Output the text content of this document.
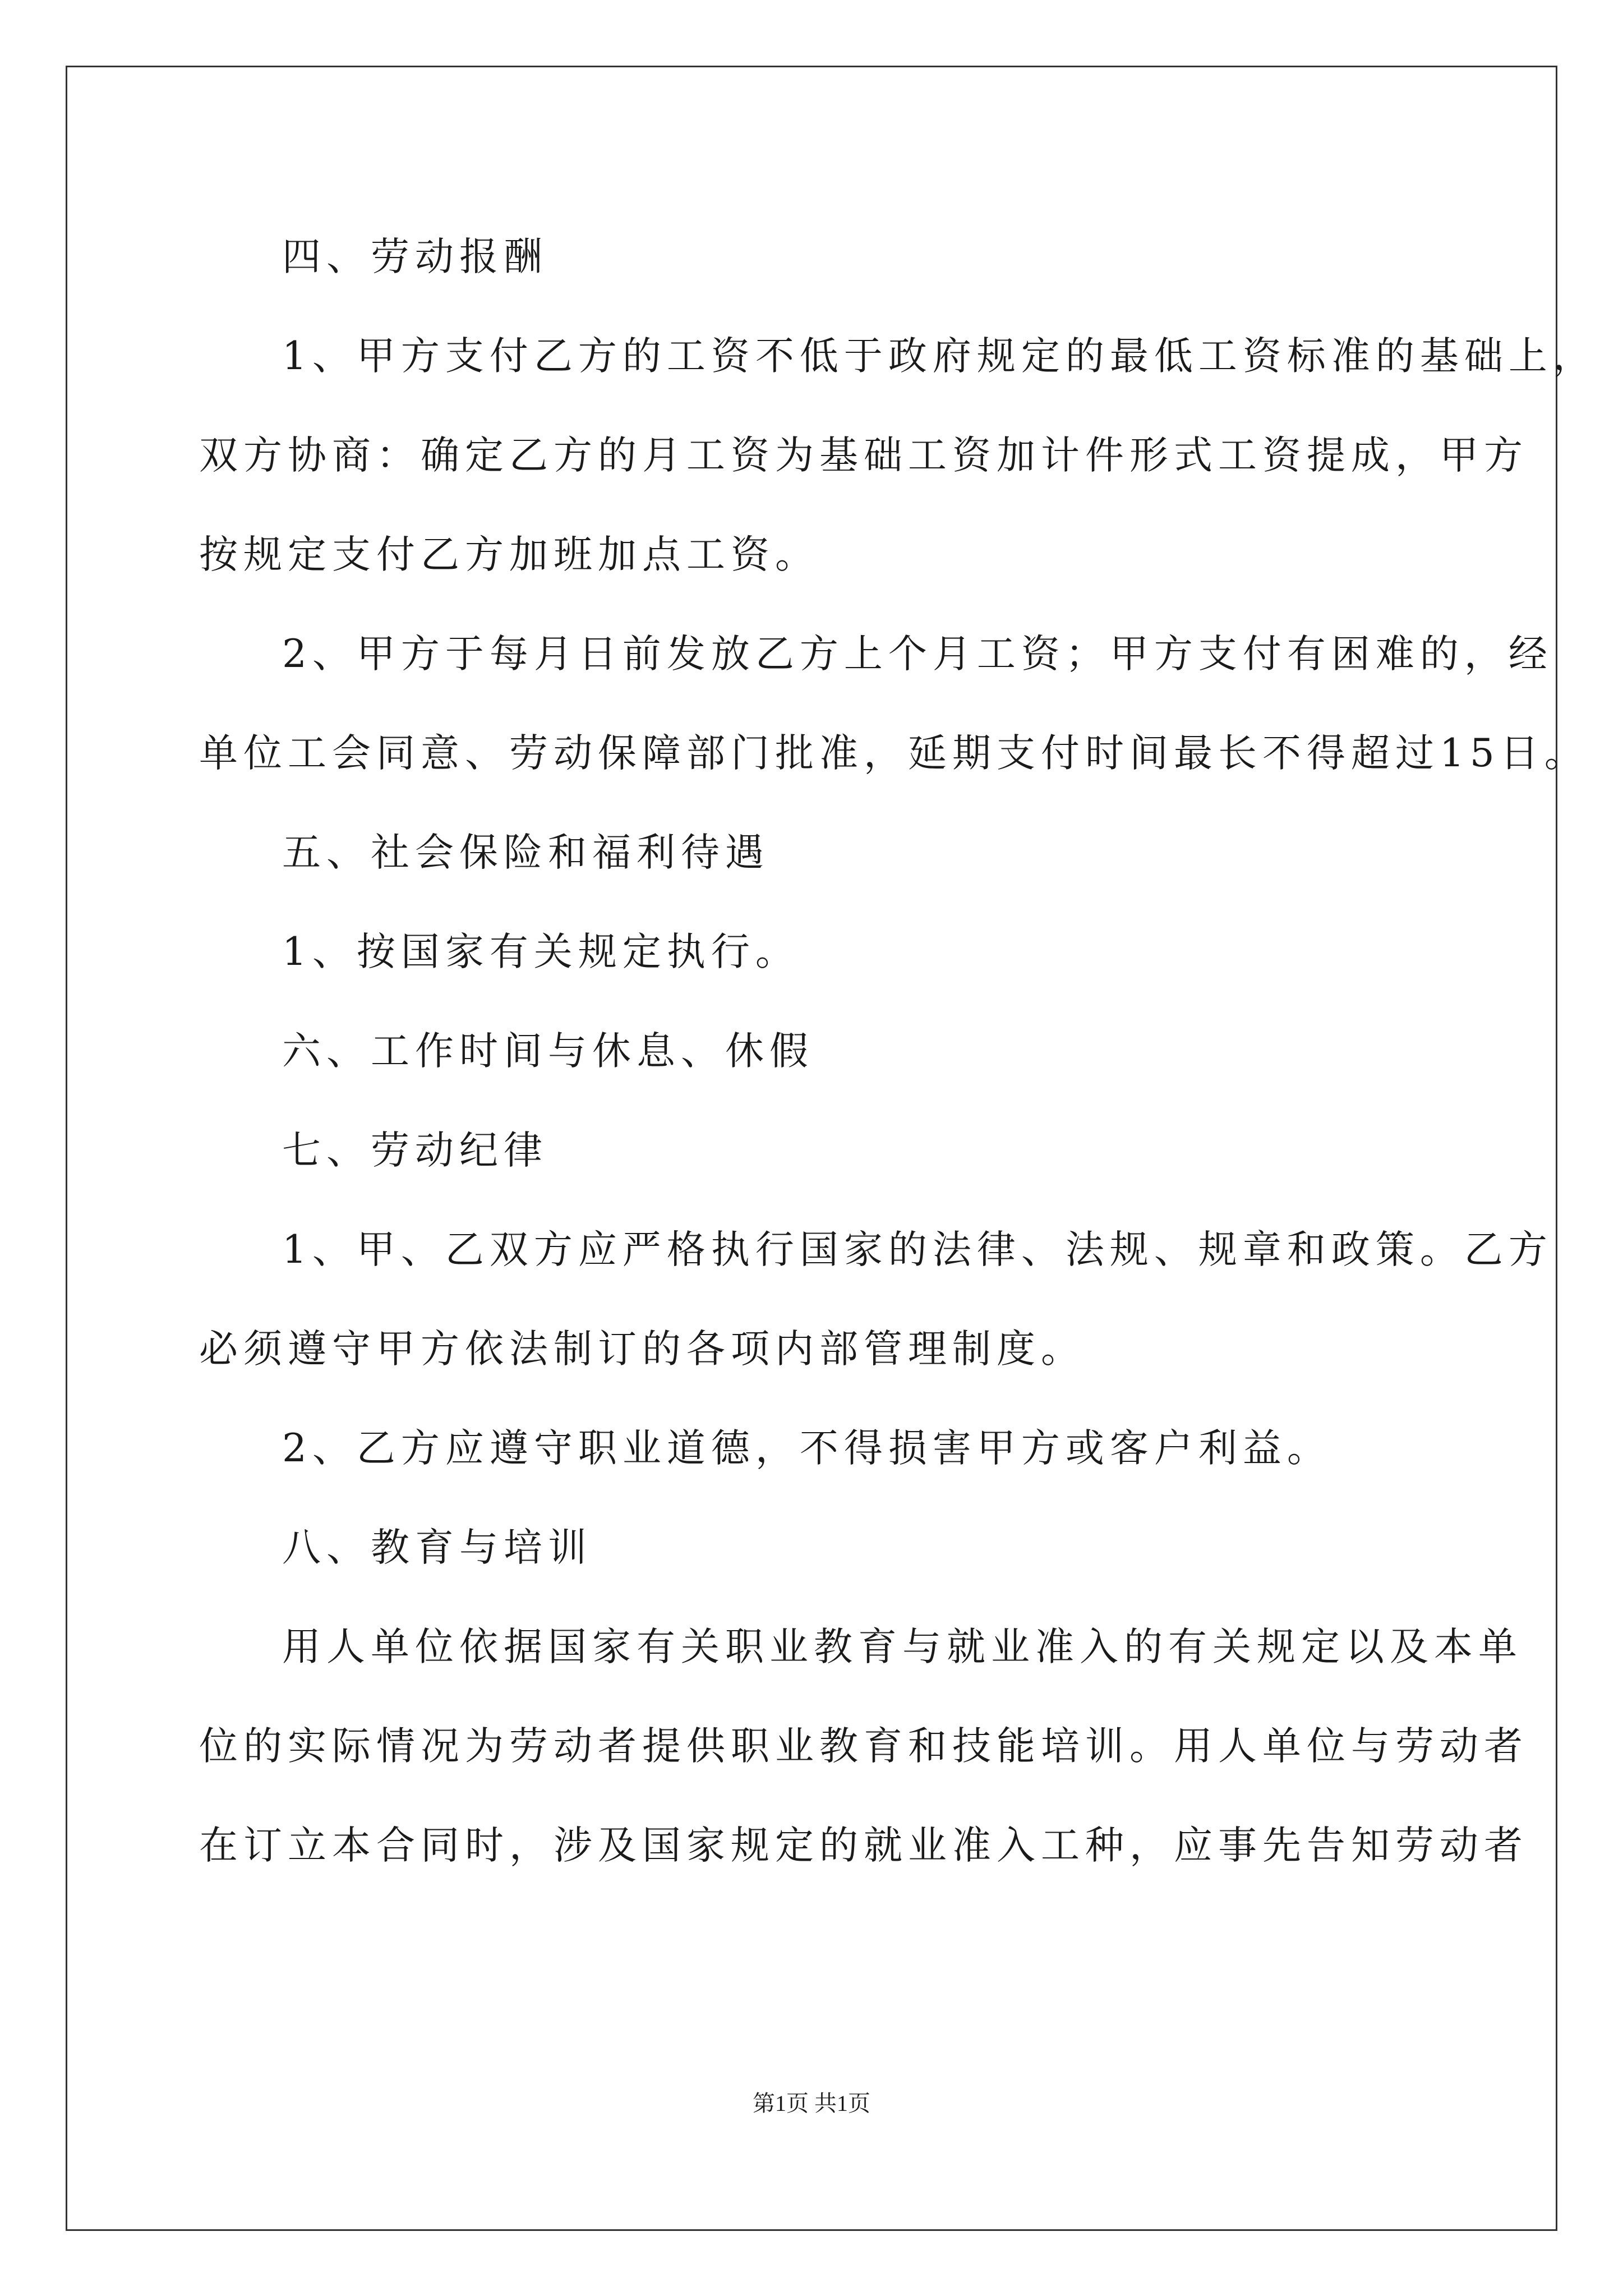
四、劳动报酬
1、甲方支付乙方的工资不低于政府规定的最低工资标准的基础上，
双方协商：确定乙方的月工资为基础工资加计件形式工资提成，甲方
按规定支付乙方加班加点工资。
2、甲方于每月日前发放乙方上个月工资；甲方支付有困难的，经
单位工会同意、劳动保障部门批准，延期支付时间最长不得超过15日。
五、社会保险和福利待遇
1、按国家有关规定执行。
六、工作时间与休息、休假
七、劳动纪律
1、甲、乙双方应严格执行国家的法律、法规、规章和政策。乙方
必须遵守甲方依法制订的各项内部管理制度。
2、乙方应遵守职业道德，不得损害甲方或客户利益。
八、教育与培训
用人单位依据国家有关职业教育与就业准入的有关规定以及本单
位的实际情况为劳动者提供职业教育和技能培训。用人单位与劳动者
在订立本合同时，涉及国家规定的就业准入工种，应事先告知劳动者
第1页 共1页
